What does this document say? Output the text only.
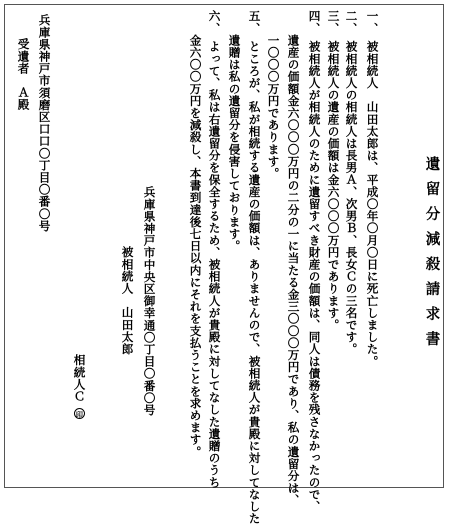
遺留分減殺請求書
一、　被相続人　山田太郎は、平成〇年〇月〇日に死亡しました。
二、　被相続人の相続人は長男Ａ、次男Ｂ、長女Ｃの三名です。
三、　被相続人の遺産の価額は金六〇〇〇万円であります。
四、　被相続人が相続人のために遺留すべき財産の価額は、同人は債務を残さなかったので、
　　遺産の価額金六〇〇〇万円の二分の一に当たる金三〇〇〇万円であり、私の遺留分は、
　　一〇〇〇万円であります。
五、　ところが、私が相続する遺産の価額は、ありませんので、被相続人が貴殿に対してなした
　　遺贈は私の遺留分を侵害しております。
六、　よって、私は右遺留分を保全するため、被相続人が貴殿に対してなした遺贈のうち
　　金六〇〇万円を減殺し、本書到達後七日以内にそれを支払うことを求めます。
兵庫県神戸市中央区御幸通〇丁目〇番〇号
被相続人　山田太郎
相続人Ｃ印
兵庫県神戸市須磨区口口〇丁目〇番〇号
受遺者　Ａ殿
